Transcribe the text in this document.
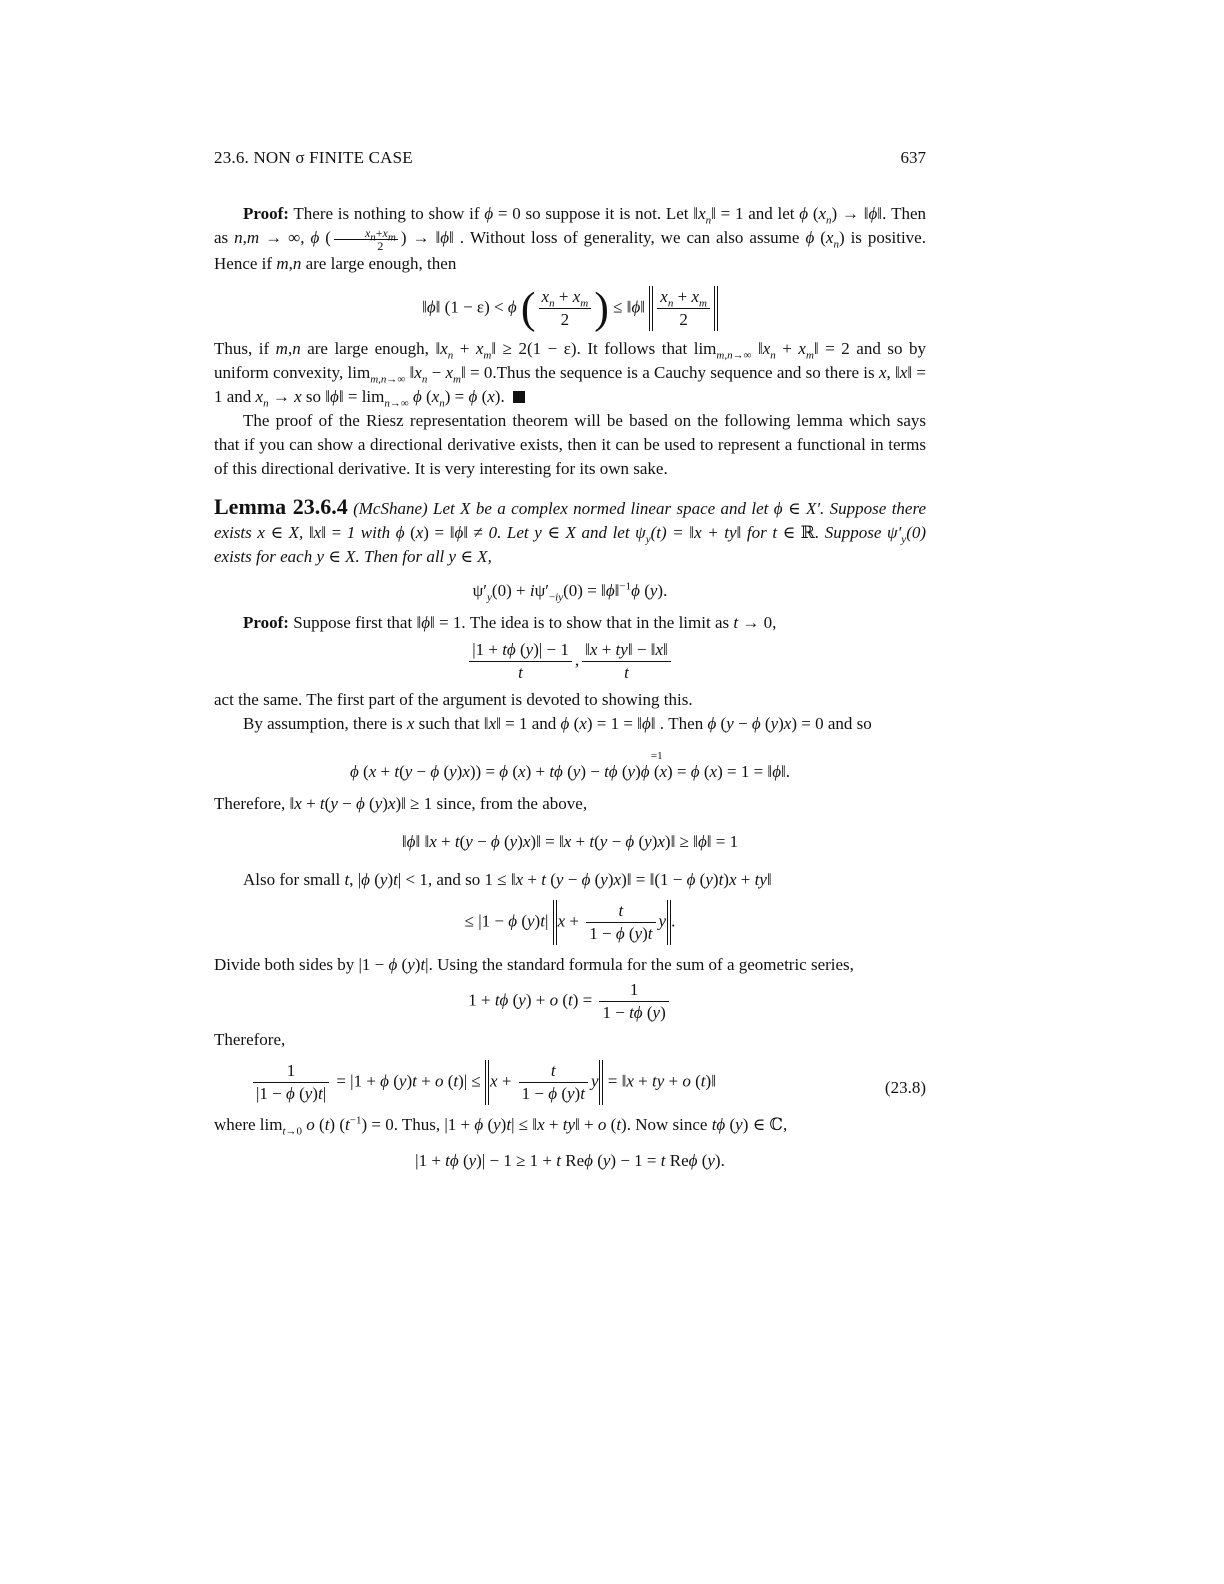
23.6. NON σ FINITE CASE	637

Proof: There is nothing to show if ϕ = 0 so suppose it is not. Let $‖x_n‖ = 1$ and let ϕ $(x_n)$ → ‖ϕ‖. Then as n,m → ∞, ϕ ( $\frac{x_n+x_m}{2}$ ) → ‖ϕ‖ . Without loss of generality, we can also assume ϕ $(x_n)$ is positive. Hence if m,n are large enough, then

‖ϕ‖ (1 − ε) < ϕ ( $\frac{x_n + x_m}{2}$ ) ≤ ‖ϕ‖ $\frac{x_n + x_m}{2}$

Thus, if m,n are large enough, $‖x_n$ + $x_m‖ \ge 2(1 - \varepsilon)$. It follows that $\lim_{m,n\to\infty}$ $‖x_n$ + $x_m‖ = 2$ and so by uniform convexity, $\lim_{m,n\to\infty}$ $‖x_n$ − $x_m‖$ = 0.Thus the sequence is a Cauchy sequence and so there is x, ‖x‖ = 1 and $x_n \to x$ so ‖ϕ‖ = $\lim_{n\to\infty} \phi$ $(x_n) = \phi$ (x).

The proof of the Riesz representation theorem will be based on the following lemma which says that if you can show a directional derivative exists, then it can be used to represent a functional in terms of this directional derivative. It is very interesting for its own sake.

Lemma 23.6.4 (McShane) Let X be a complex normed linear space and let ϕ ∈ X′. Suppose there exists x ∈ X, ‖x‖ = 1 with ϕ (x) = ‖ϕ‖ ≠ 0. Let y ∈ X and let $\psi_y(t)$ = ‖x + ty‖ for t ∈ ℝ. Suppose $\psi'_y(0)$ exists for each y ∈ X. Then for all y ∈ X,

$\psi'_y(0) + i\psi'_{-iy}(0)$ = ‖ϕ‖$^{-1}$ϕ (y).

Proof: Suppose first that ‖ϕ‖ = 1. The idea is to show that in the limit as t → 0,

$\frac{|1 + t\phi (y)| - 1}{t}$ , $\frac{‖x + ty‖ - ‖x‖}{t}$

act the same. The first part of the argument is devoted to showing this.

By assumption, there is x such that ‖x‖ = 1 and ϕ (x) = 1 = ‖ϕ‖ . Then ϕ (y − ϕ (y)x) = 0 and so

ϕ (x + t(y − ϕ (y)x)) = ϕ (x) + tϕ (y) − tϕ (y)
=1
ϕ (x) = ϕ (x) = 1 = ‖ϕ‖.

Therefore, ‖x + t(y − ϕ (y)x)‖ ≥ 1 since, from the above,

‖ϕ‖ ‖x + t(y − ϕ (y)x)‖ = ‖x + t(y − ϕ (y)x)‖ ≥ ‖ϕ‖ = 1

Also for small t, |ϕ (y)t| < 1, and so 1 ≤ ‖x + t (y − ϕ (y)x)‖ = ‖(1 − ϕ (y)t)x + ty‖

≤ |1 − ϕ (y)t| $x + \frac{t}{1 - \phi (y)t}$ y .

Divide both sides by |1 − ϕ (y)t|. Using the standard formula for the sum of a geometric series,

1 + tϕ (y) + o $(t) = \frac{1}{1 - t\phi (y)}$

Therefore,

$\frac{1}{|1 - \phi (y)t|} = |1 + \phi$ (y)t + o $(t)| \le x + \frac{t}{1 - \phi (y)t}$ y = ‖x + ty + o (t)‖	(23.8)

where $\lim_{t\to 0} o$ (t) $(t^{-1}) = 0$. Thus, |1 + ϕ (y)t| ≤ ‖x + ty‖ + o (t). Now since tϕ (y) ∈ ℂ,

|1 + tϕ (y)| − 1 ≥ 1 + t Reϕ (y) − 1 = t Reϕ (y).
